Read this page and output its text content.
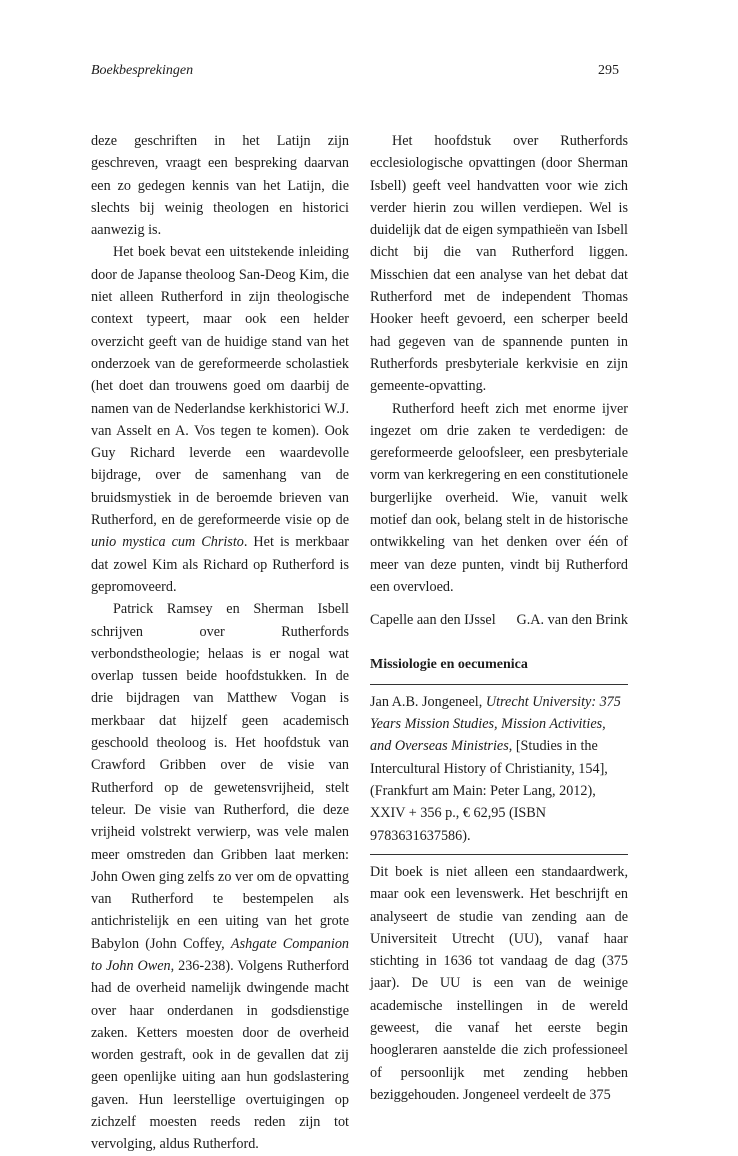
Boekbesprekingen	295

deze geschriften in het Latijn zijn geschreven, vraagt een bespreking daarvan een zo gedegen kennis van het Latijn, die slechts bij weinig theologen en historici aanwezig is.

Het boek bevat een uitstekende inleiding door de Japanse theoloog San-Deog Kim, die niet alleen Rutherford in zijn theologische context typeert, maar ook een helder overzicht geeft van de huidige stand van het onderzoek van de gereformeerde scholastiek (het doet dan trouwens goed om daarbij de namen van de Nederlandse kerkhistorici W.J. van Asselt en A. Vos tegen te komen). Ook Guy Richard leverde een waardevolle bijdrage, over de samenhang van de bruidsmystiek in de beroemde brieven van Rutherford, en de gereformeerde visie op de unio mystica cum Christo. Het is merkbaar dat zowel Kim als Richard op Rutherford is gepromoveerd.

Patrick Ramsey en Sherman Isbell schrijven over Rutherfords verbondstheologie; helaas is er nogal wat overlap tussen beide hoofdstukken. In de drie bijdragen van Matthew Vogan is merkbaar dat hijzelf geen academisch geschoold theoloog is. Het hoofdstuk van Crawford Gribben over de visie van Rutherford op de gewetensvrijheid, stelt teleur. De visie van Rutherford, die deze vrijheid volstrekt verwierp, was vele malen meer omstreden dan Gribben laat merken: John Owen ging zelfs zo ver om de opvatting van Rutherford te bestempelen als antichristelijk en een uiting van het grote Babylon (John Coffey, Ashgate Companion to John Owen, 236-238). Volgens Rutherford had de overheid namelijk dwingende macht over haar onderdanen in godsdienstige zaken. Ketters moesten door de overheid worden gestraft, ook in de gevallen dat zij geen openlijke uiting aan hun godslastering gaven. Hun leerstellige overtuigingen op zichzelf moesten reeds reden zijn tot vervolging, aldus Rutherford.

Het hoofdstuk over Rutherfords ecclesiologische opvattingen (door Sherman Isbell) geeft veel handvatten voor wie zich verder hierin zou willen verdiepen. Wel is duidelijk dat de eigen sympathieën van Isbell dicht bij die van Rutherford liggen. Misschien dat een analyse van het debat dat Rutherford met de independent Thomas Hooker heeft gevoerd, een scherper beeld had gegeven van de spannende punten in Rutherfords presbyteriale kerkvisie en zijn gemeente-opvatting.

Rutherford heeft zich met enorme ijver ingezet om drie zaken te verdedigen: de gereformeerde geloofsleer, een presbyteriale vorm van kerkregering en een constitutionele burgerlijke overheid. Wie, vanuit welk motief dan ook, belang stelt in de historische ontwikkeling van het denken over één of meer van deze punten, vindt bij Rutherford een overvloed.

Capelle aan den IJssel G.A. van den Brink
Missiologie en oecumenica
Jan A.B. Jongeneel, Utrecht University: 375 Years Mission Studies, Mission Activities, and Overseas Ministries, [Studies in the Intercultural History of Christianity, 154], (Frankfurt am Main: Peter Lang, 2012), XXIV + 356 p., € 62,95 (ISBN 9783631637586).

Dit boek is niet alleen een standaardwerk, maar ook een levenswerk. Het beschrijft en analyseert de studie van zending aan de Universiteit Utrecht (UU), vanaf haar stichting in 1636 tot vandaag de dag (375 jaar). De UU is een van de weinige academische instellingen in de wereld geweest, die vanaf het eerste begin hoogleraren aanstelde die zich professioneel of persoonlijk met zending hebben beziggehouden. Jongeneel verdeelt de 375
